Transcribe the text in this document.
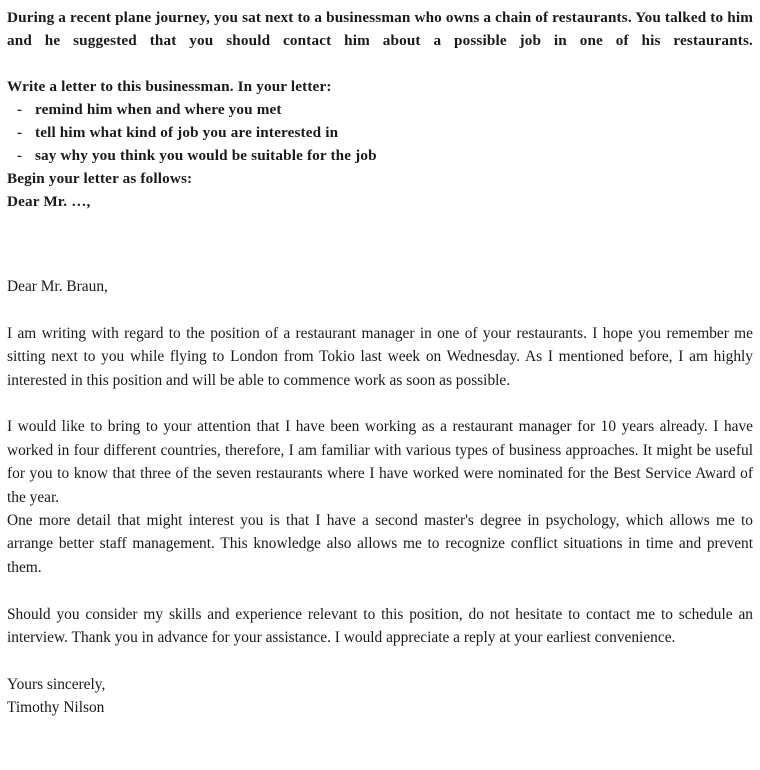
During a recent plane journey, you sat next to a businessman who owns a chain of restaurants. You talked to him and he suggested that you should contact him about a possible job in one of his restaurants.

Write a letter to this businessman. In your letter:

- remind him when and where you met
- tell him what kind of job you are interested in
- say why you think you would be suitable for the job

Begin your letter as follows:

Dear Mr. …,

Dear Mr. Braun,

I am writing with regard to the position of a restaurant manager in one of your restaurants. I hope you remember me sitting next to you while flying to London from Tokio last week on Wednesday. As I mentioned before, I am highly interested in this position and will be able to commence work as soon as possible.

I would like to bring to your attention that I have been working as a restaurant manager for 10 years already. I have worked in four different countries, therefore, I am familiar with various types of business approaches. It might be useful for you to know that three of the seven restaurants where I have worked were nominated for the Best Service Award of the year.

One more detail that might interest you is that I have a second master's degree in psychology, which allows me to arrange better staff management. This knowledge also allows me to recognize conflict situations in time and prevent them.

Should you consider my skills and experience relevant to this position, do not hesitate to contact me to schedule an interview. Thank you in advance for your assistance. I would appreciate a reply at your earliest convenience.

Yours sincerely,
Timothy Nilson
